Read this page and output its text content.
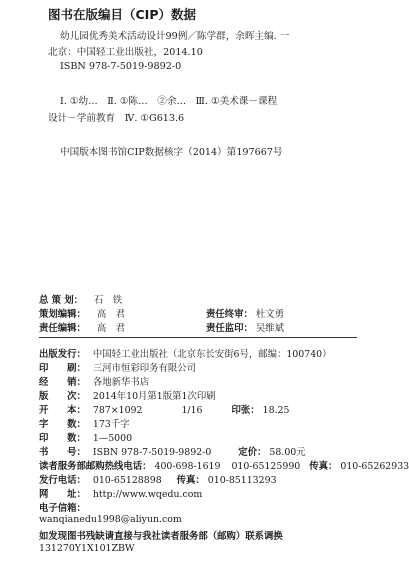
图书在版编目（CIP）数据
幼儿园优秀美术活动设计99例／陈学群，余晖主编. 一
北京：中国轻工业出版社，2014.10
ISBN 978-7-5019-9892-0
Ⅰ. ①幼…　Ⅱ. ①陈…　②余…　Ⅲ. ①美术课－课程
设计－学前教育　Ⅳ. ①G613.6
中国版本图书馆CIP数据核字（2014）第197667号
总 策 划： 石　铁
策划编辑： 高　君	责任终审： 杜文勇
责任编辑： 高　君	责任监印： 吴维斌
出版发行： 中国轻工业出版社（北京东长安街6号，邮编：100740）
印　　刷： 三河市恒彩印务有限公司
经　　销： 各地新华书店
版　　次： 2014年10月第1版第1次印刷
开　　本： 787×1092	1/16	印张： 18.25
字　　数： 173千字
印　　数： 1—5000
书　　号： ISBN 978-7-5019-9892-0	定价： 58.00元
读者服务部邮购热线电话： 400-698-1619 010-65125990 传真： 010-65262933
发行电话： 010-65128898 传真： 010-85113293
网　　址： http://www.wqedu.com
电子信箱：
wanqianedu1998@aliyun.com
如发现图书残缺请直接与我社读者服务部（邮购）联系调换
131270Y1X101ZBW
